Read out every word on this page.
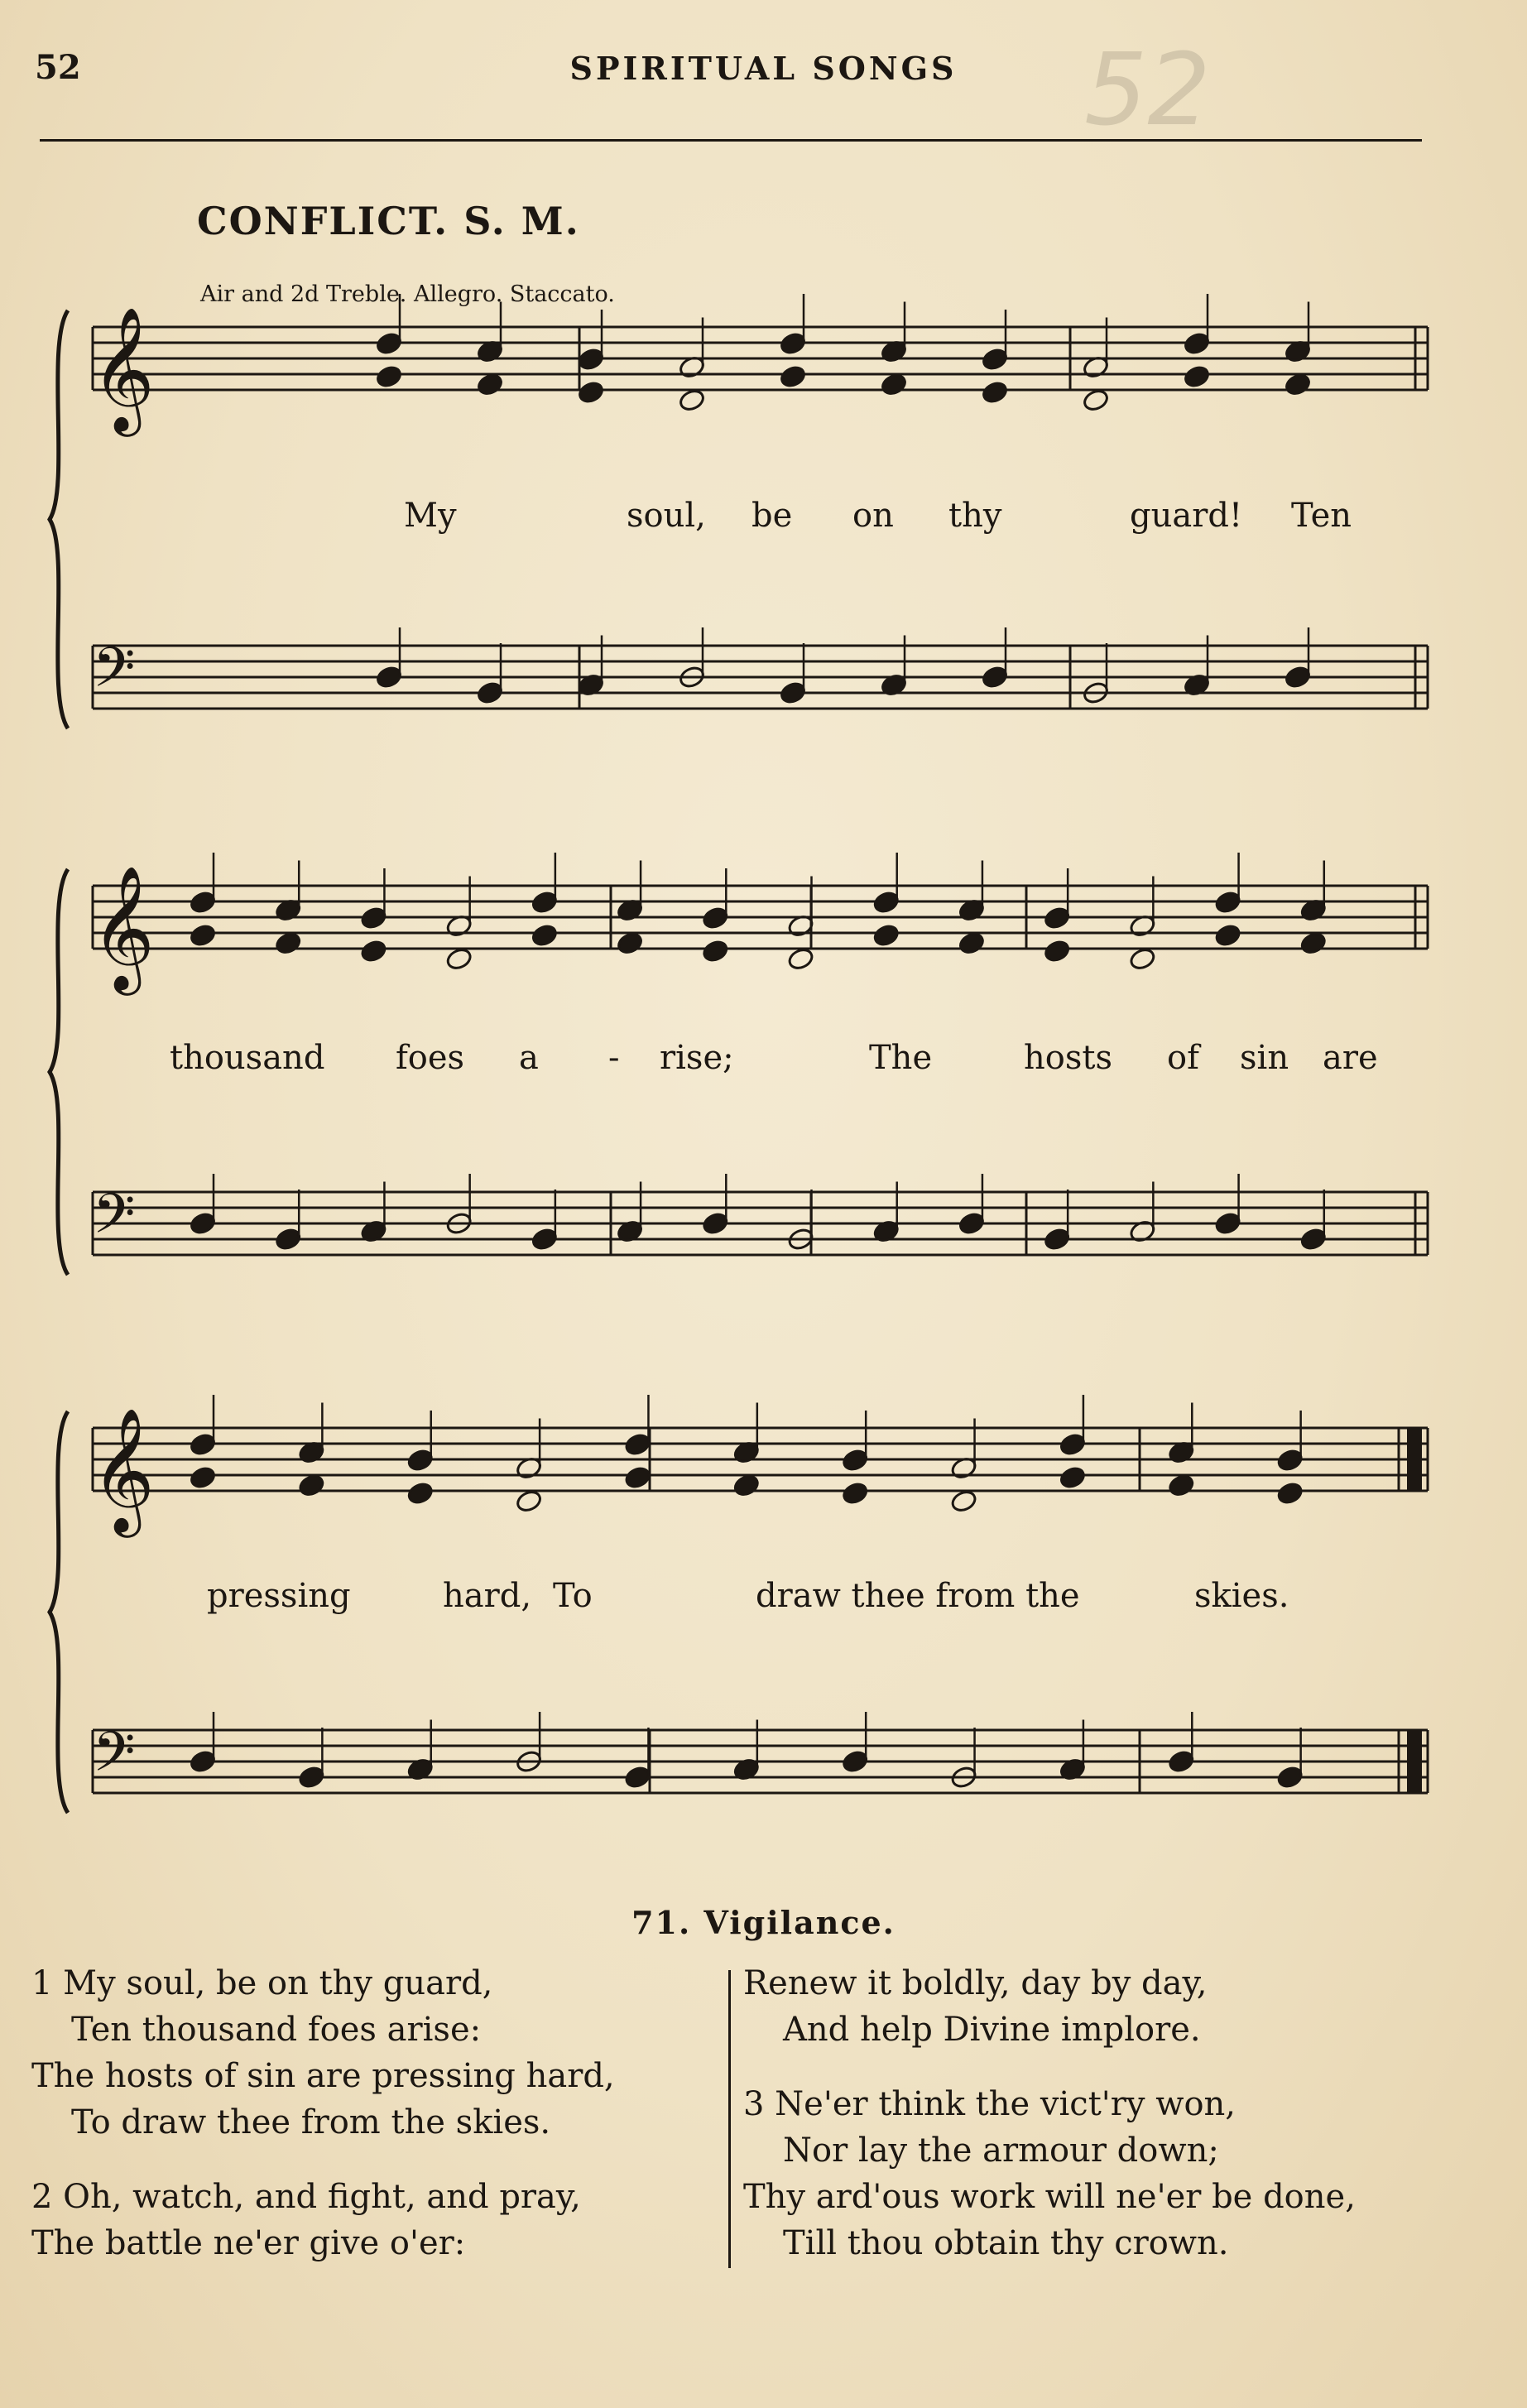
52	SPIRITUAL SONGS	52
CONFLICT. S. M.
Air and 2d Treble. Allegro. Staccato.
𝄞
𝄢
𝄞
𝄢
𝄞
𝄢
My	soul, be on thy	guard! Ten
thousand foes a - rise;	The	hosts of sin are
pressing	hard, To	draw thee from the	skies.
71. Vigilance.
1 My soul, be on thy guard,
Ten thousand foes arise:
The hosts of sin are pressing hard,
To draw thee from the skies.
2 Oh, watch, and fight, and pray,
The battle ne'er give o'er:
Renew it boldly, day by day,
And help Divine implore.
3 Ne'er think the vict'ry won,
Nor lay the armour down;
Thy ard'ous work will ne'er be done,
Till thou obtain thy crown.
